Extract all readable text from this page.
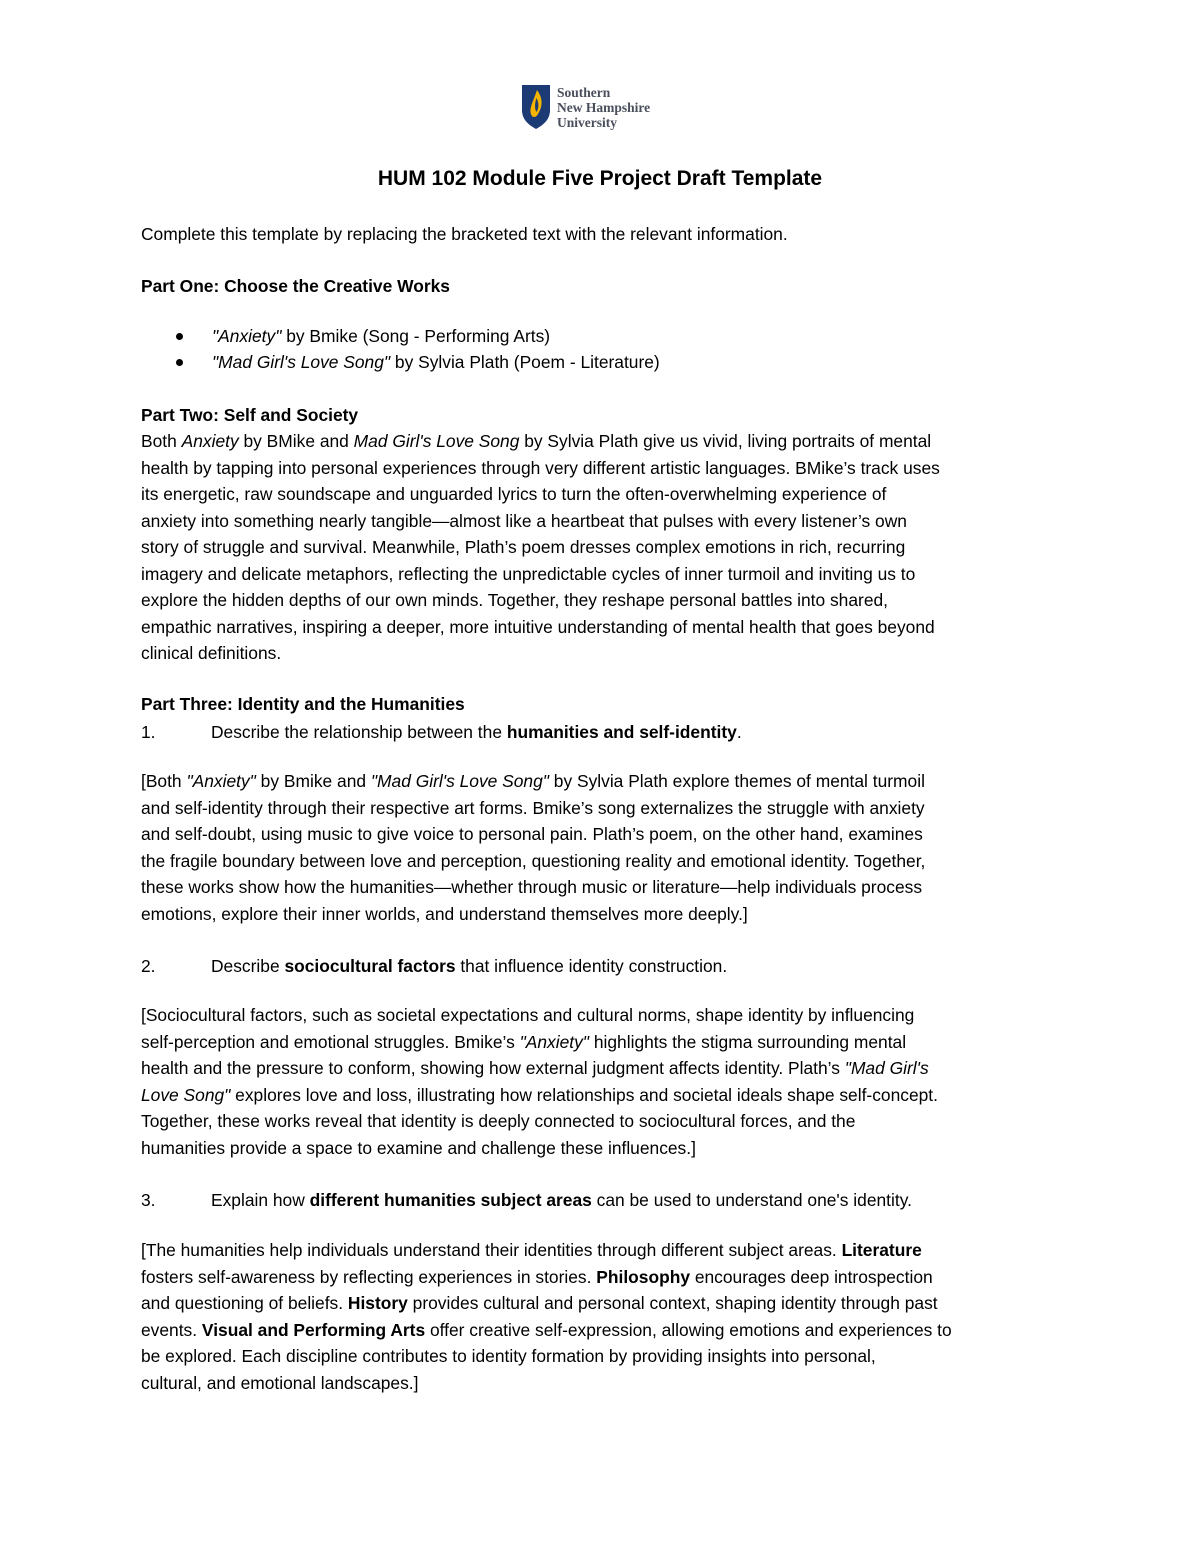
Southern
New Hampshire
University
HUM 102 Module Five Project Draft Template

Complete this template by replacing the bracketed text with the relevant information.

Part One: Choose the Creative Works

"Anxiety" by Bmike (Song - Performing Arts)
"Mad Girl's Love Song" by Sylvia Plath (Poem - Literature)

Part Two: Self and Society

Both Anxiety by BMike and Mad Girl's Love Song by Sylvia Plath give us vivid, living portraits of mental
health by tapping into personal experiences through very different artistic languages. BMike’s track uses
its energetic, raw soundscape and unguarded lyrics to turn the often-overwhelming experience of
anxiety into something nearly tangible—almost like a heartbeat that pulses with every listener’s own
story of struggle and survival. Meanwhile, Plath’s poem dresses complex emotions in rich, recurring
imagery and delicate metaphors, reflecting the unpredictable cycles of inner turmoil and inviting us to
explore the hidden depths of our own minds. Together, they reshape personal battles into shared,
empathic narratives, inspiring a deeper, more intuitive understanding of mental health that goes beyond
clinical definitions.

Part Three: Identity and the Humanities

1.	Describe the relationship between the humanities and self-identity.

[Both "Anxiety" by Bmike and "Mad Girl's Love Song" by Sylvia Plath explore themes of mental turmoil
and self-identity through their respective art forms. Bmike’s song externalizes the struggle with anxiety
and self-doubt, using music to give voice to personal pain. Plath’s poem, on the other hand, examines
the fragile boundary between love and perception, questioning reality and emotional identity. Together,
these works show how the humanities—whether through music or literature—help individuals process
emotions, explore their inner worlds, and understand themselves more deeply.]

2.	Describe sociocultural factors that influence identity construction.

[Sociocultural factors, such as societal expectations and cultural norms, shape identity by influencing
self-perception and emotional struggles. Bmike’s "Anxiety" highlights the stigma surrounding mental
health and the pressure to conform, showing how external judgment affects identity. Plath’s "Mad Girl's
Love Song" explores love and loss, illustrating how relationships and societal ideals shape self-concept.
Together, these works reveal that identity is deeply connected to sociocultural forces, and the
humanities provide a space to examine and challenge these influences.]

3.	Explain how different humanities subject areas can be used to understand one's identity.

[The humanities help individuals understand their identities through different subject areas. Literature
fosters self-awareness by reflecting experiences in stories. Philosophy encourages deep introspection
and questioning of beliefs. History provides cultural and personal context, shaping identity through past
events. Visual and Performing Arts offer creative self-expression, allowing emotions and experiences to
be explored. Each discipline contributes to identity formation by providing insights into personal,
cultural, and emotional landscapes.]
